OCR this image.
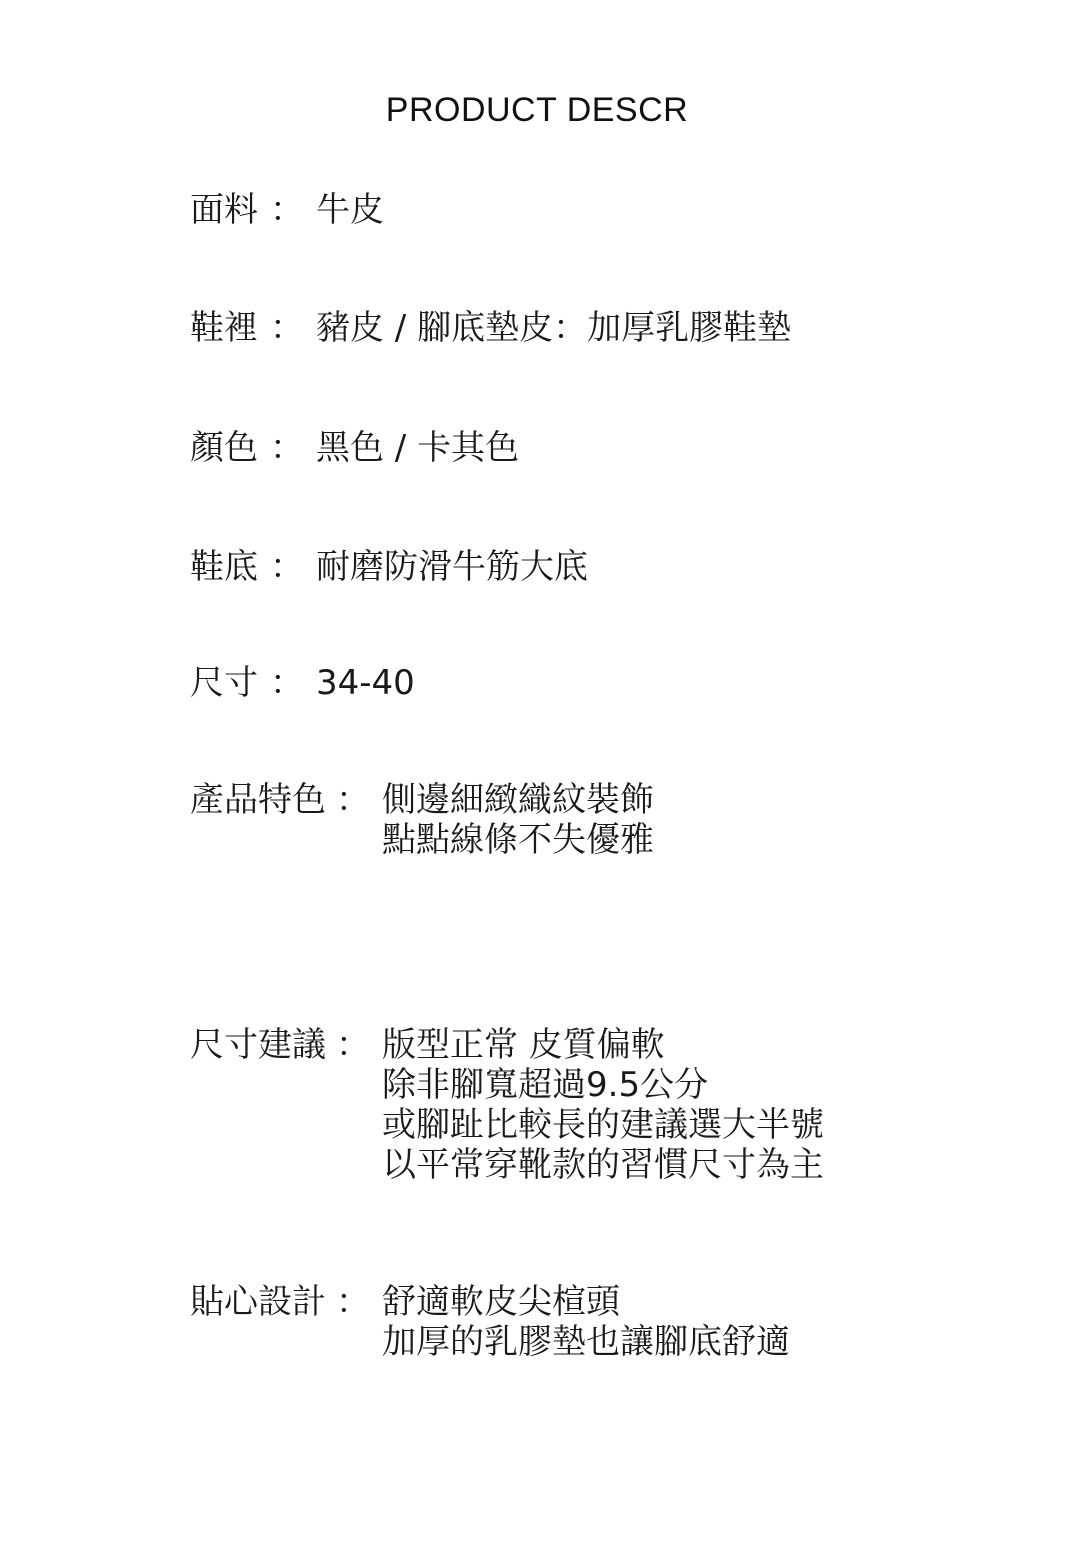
PRODUCT DESCR
面料 ： 牛皮
鞋裡 ： 豬皮 / 腳底墊皮：加厚乳膠鞋墊
顏色 ： 黑色 / 卡其色
鞋底 ： 耐磨防滑牛筋大底
尺寸 ： 34-40
產品特色 ： 側邊細緻織紋裝飾
點點線條不失優雅
尺寸建議 ： 版型正常 皮質偏軟
除非腳寬超過9.5公分
或腳趾比較長的建議選大半號
以平常穿靴款的習慣尺寸為主
貼心設計 ： 舒適軟皮尖楦頭
加厚的乳膠墊也讓腳底舒適
